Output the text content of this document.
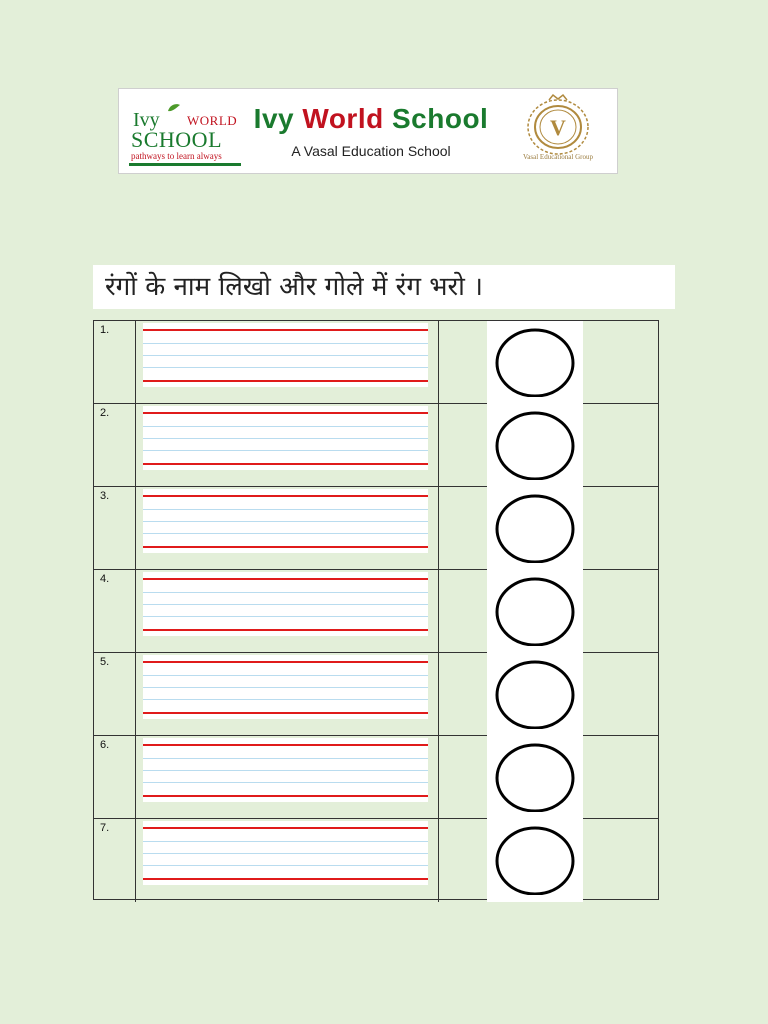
Ivy WORLD
SCHOOL
pathways to learn always
Ivy World School
A Vasal Education School
V
Vasal Educational Group
रंगों के नाम लिखो और गोले में रंग भरो ।
1.
2.
3.
4.
5.
6.
7.
